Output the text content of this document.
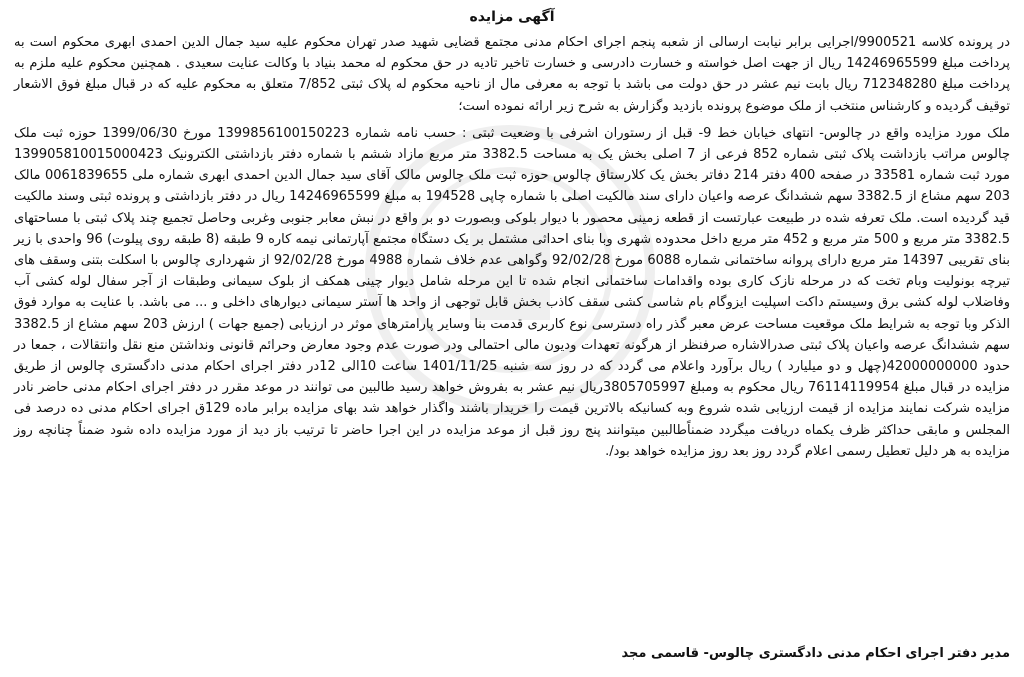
آگهی مزایده

در پرونده کلاسه 9900521/اجرایی برابر نیابت ارسالی از شعبه پنجم اجرای احکام مدنی مجتمع قضایی شهید صدر تهران محکوم علیه سید جمال الدین احمدی ابهری محکوم است به پرداخت مبلغ 14246965599 ریال از جهت اصل خواسته و خسارت دادرسی و خسارت تاخیر تادیه در حق محکوم له محمد بنیاد با وکالت عنایت سعیدی . همچنین محکوم علیه ملزم به پرداخت مبلغ 712348280 ریال بابت نیم عشر در حق دولت می باشد با توجه به معرفی مال از ناحیه محکوم له پلاک ثبتی 7/852 متعلق به محکوم علیه که در قبال مبلغ فوق الاشعار توقیف گردیده و کارشناس منتخب از ملک موضوع پرونده بازدید وگزارش به شرح زیر ارائه نموده است؛

ملک مورد مزایده واقع در چالوس- انتهای خیابان خط 9- قبل از رستوران اشرفی با وضعیت ثبتی : حسب نامه شماره 1399856100150223 مورخ 1399/06/30 حوزه ثبت ملک چالوس مراتب بازداشت پلاک ثبتی شماره 852 فرعی از 7 اصلی بخش یک به مساحت 3382.5 متر مربع مازاد ششم با شماره دفتر بازداشتی الکترونیک 139905810015000423 مورد ثبت شماره 33581 در صفحه 400 دفتر 214 دفاتر بخش یک کلارستاق چالوس حوزه ثبت ملک چالوس مالک آقای سید جمال الدین احمدی ابهری شماره ملی 0061839655 مالک 203 سهم مشاع از 3382.5 سهم ششدانگ عرصه واعیان دارای سند مالکیت اصلی با شماره چاپی 194528 به مبلغ 14246965599 ریال در دفتر بازداشتی و پرونده ثبتی وسند مالکیت قید گردیده است. ملک تعرفه شده در طبیعت عبارتست از قطعه زمینی محصور با دیوار بلوکی وبصورت دو بر واقع در نبش معابر جنوبی وغربی وحاصل تجمیع چند پلاک ثبتی با مساحتهای 3382.5 متر مربع و 500 متر مربع و 452 متر مربع داخل محدوده شهری وبا بنای احداثی مشتمل بر یک دستگاه مجتمع آپارتمانی نیمه کاره 9 طبقه (8 طبقه روی پیلوت) 96 واحدی با زیر بنای تقریبی 14397 متر مربع دارای پروانه ساختمانی شماره 6088 مورخ 92/02/28 وگواهی عدم خلاف شماره 4988 مورخ 92/02/28 از شهرداری چالوس با اسکلت بتنی وسقف های تیرچه بونولیت وبام تخت که در مرحله نازک کاری بوده واقدامات ساختمانی انجام شده تا این مرحله شامل دیوار چینی همکف از بلوک سیمانی وطبقات از آجر سفال لوله کشی آب وفاضلاب لوله کشی برق وسیستم داکت اسپلیت ایزوگام بام شاسی کشی سقف کاذب بخش قابل توجهی از واحد ها آستر سیمانی دیوارهای داخلی و ... می باشد. با عنایت به موارد فوق الذکر وبا توجه به شرایط ملک موقعیت مساحت عرض معبر گذر راه دسترسی نوع کاربری قدمت بنا وسایر پارامترهای موثر در ارزیابی (جمیع جهات ) ارزش 203 سهم مشاع از 3382.5 سهم ششدانگ عرصه واعیان پلاک ثبتی صدرالاشاره صرفنظر از هرگونه تعهدات ودیون مالی احتمالی ودر صورت عدم وجود معارض وحرائم قانونی ونداشتن منع نقل وانتقالات ، جمعا در حدود 42000000000(چهل و دو میلیارد ) ریال برآورد واعلام می گردد که در روز سه شنبه 1401/11/25 ساعت 10الی 12در دفتر اجرای احکام مدنی دادگستری چالوس از طریق مزایده در قبال مبلغ 76114119954 ریال محکوم به ومبلغ 3805705997ریال نیم عشر به بفروش خواهد رسید طالبین می توانند در موعد مقرر در دفتر اجرای احکام مدنی حاضر نادر مزایده شرکت نمایند مزایده از قیمت ارزیابی شده شروع وبه کسانیکه بالاترین قیمت را خریدار باشند واگذار خواهد شد بهای مزایده برابر ماده 129ق اجرای احکام مدنی ده درصد فی المجلس و مابقی حداکثر ظرف یکماه دریافت میگردد ضمناًطالبین میتوانند پنج روز قبل از موعد مزایده در این اجرا حاضر تا ترتیب باز دید از مورد مزایده داده شود ضمناً چنانچه روز مزایده به هر دلیل تعطیل رسمی اعلام گردد روز بعد روز مزایده خواهد بود/.

مدیر دفتر اجرای احکام مدنی دادگستری چالوس- قاسمی مجد
